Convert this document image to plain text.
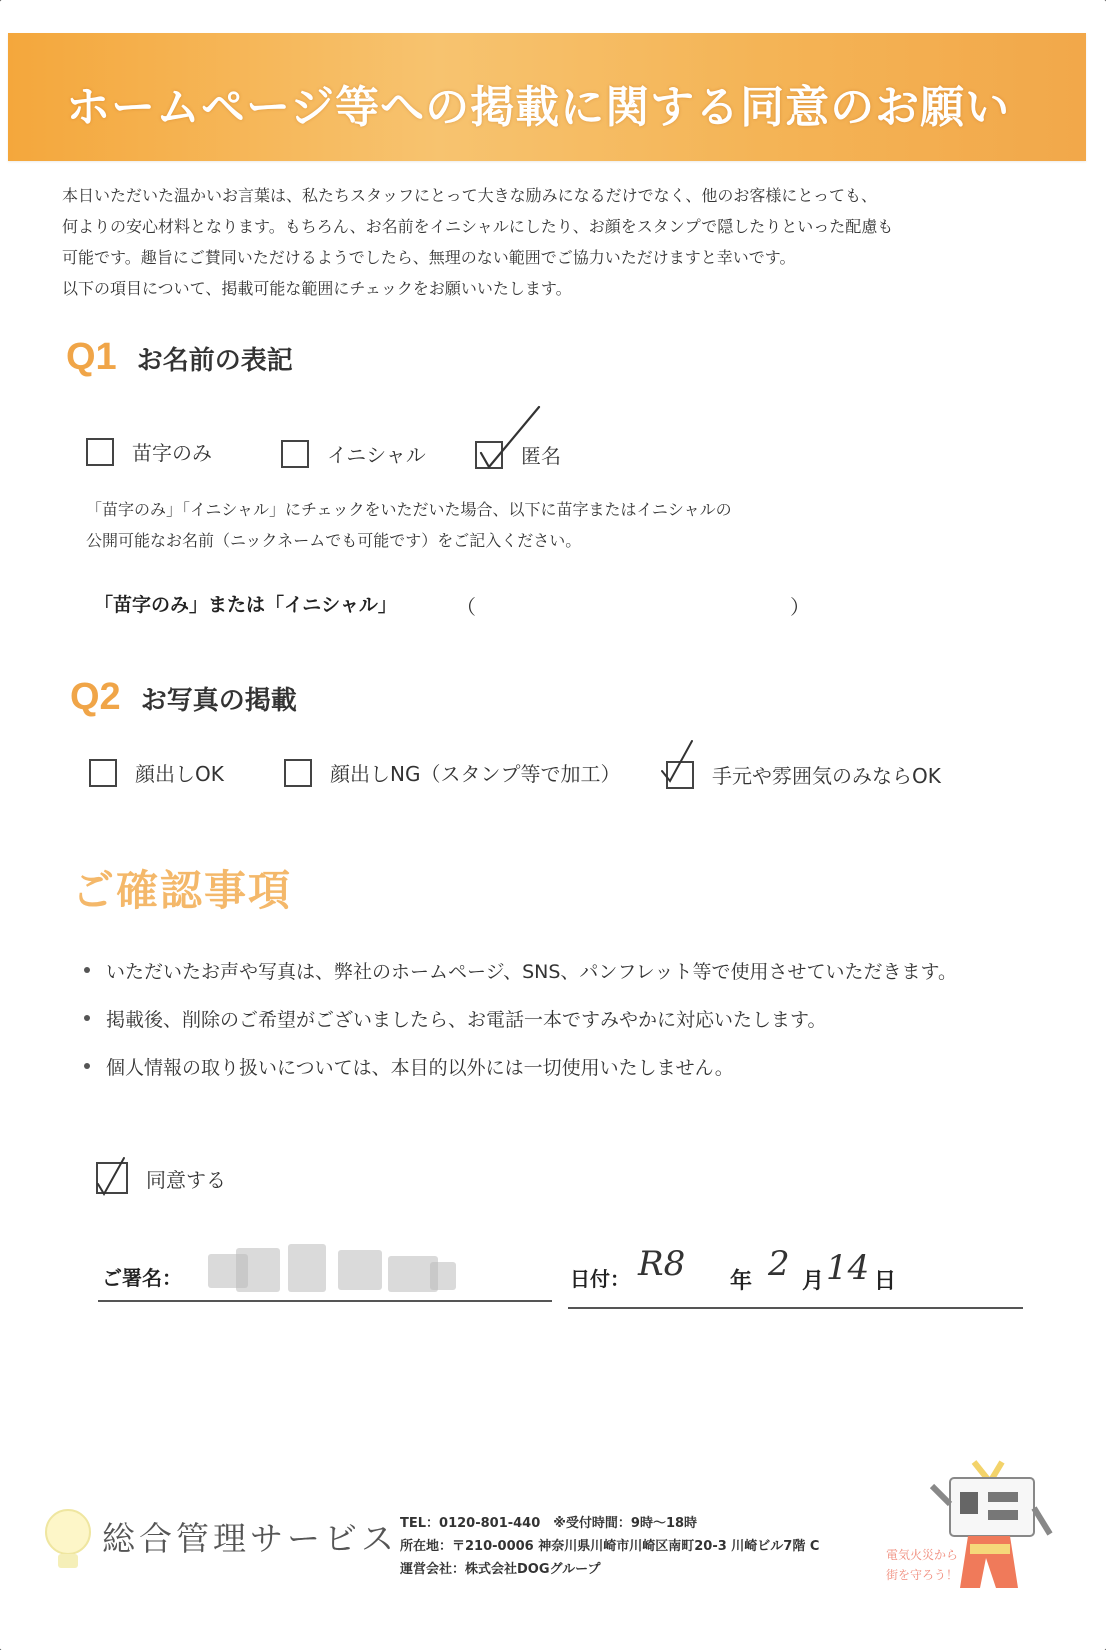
ホームページ等への掲載に関する同意のお願い
本日いただいた温かいお言葉は、私たちスタッフにとって大きな励みになるだけでなく、他のお客様にとっても、
何よりの安心材料となります。もちろん、お名前をイニシャルにしたり、お顔をスタンプで隠したりといった配慮も
可能です。趣旨にご賛同いただけるようでしたら、無理のない範囲でご協力いただけますと幸いです。
以下の項目について、掲載可能な範囲にチェックをお願いいたします。
Q1 お名前の表記
苗字のみ	イニシャル	匿名
「苗字のみ」「イニシャル」にチェックをいただいた場合、以下に苗字またはイニシャルの
公開可能なお名前（ニックネームでも可能です）をご記入ください。
「苗字のみ」または「イニシャル」	（	）
Q2 お写真の掲載
顔出しOK	顔出しNG（スタンプ等で加工）	手元や雰囲気のみならOK
ご確認事項
いただいたお声や写真は、弊社のホームページ、SNS、パンフレット等で使用させていただきます。
掲載後、削除のご希望がございましたら、お電話一本ですみやかに対応いたします。
個人情報の取り扱いについては、本目的以外には一切使用いたしません。
同意する
ご署名：	日付： R8 年 2 月 14 日
総合管理サービス TEL：0120-801-440　※受付時間：9時～18時
所在地：〒210-0006 神奈川県川崎市川崎区南町20-3 川崎ビル7階 C
運営会社：株式会社DOGグループ
電気火災から
街を守ろう！
